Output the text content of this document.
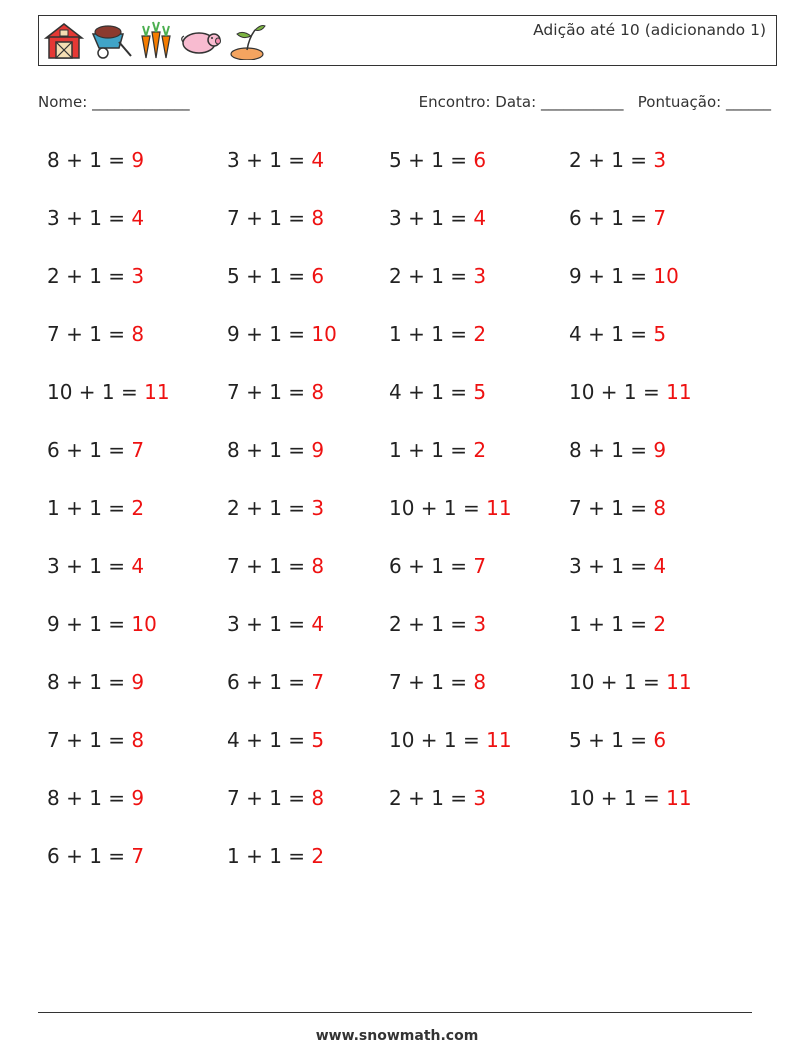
Adição até 10 (adicionando 1)
Nome: _____________	Encontro: Data: ___________ Pontuação: ______
8 + 1 = 9	3 + 1 = 4	5 + 1 = 6	2 + 1 = 3
3 + 1 = 4	7 + 1 = 8	3 + 1 = 4	6 + 1 = 7
2 + 1 = 3	5 + 1 = 6	2 + 1 = 3	9 + 1 = 10
7 + 1 = 8	9 + 1 = 10	1 + 1 = 2	4 + 1 = 5
10 + 1 = 11	7 + 1 = 8	4 + 1 = 5	10 + 1 = 11
6 + 1 = 7	8 + 1 = 9	1 + 1 = 2	8 + 1 = 9
1 + 1 = 2	2 + 1 = 3	10 + 1 = 11	7 + 1 = 8
3 + 1 = 4	7 + 1 = 8	6 + 1 = 7	3 + 1 = 4
9 + 1 = 10	3 + 1 = 4	2 + 1 = 3	1 + 1 = 2
8 + 1 = 9	6 + 1 = 7	7 + 1 = 8	10 + 1 = 11
7 + 1 = 8	4 + 1 = 5	10 + 1 = 11	5 + 1 = 6
8 + 1 = 9	7 + 1 = 8	2 + 1 = 3	10 + 1 = 11
6 + 1 = 7	1 + 1 = 2
www.snowmath.com
